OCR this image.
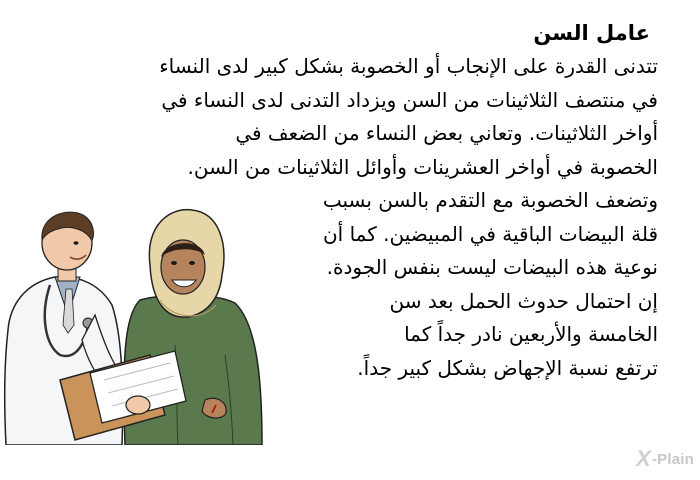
عامل السن
تتدنى القدرة على الإنجاب أو الخصوبة بشكل كبير لدى النساء
في منتصف الثلاثينات من السن ويزداد التدنى لدى النساء في
أواخر الثلاثينات. وتعاني بعض النساء من الضعف في
الخصوبة في أواخر العشرينات وأوائل الثلاثينات من السن.
وتضعف الخصوبة مع التقدم بالسن بسبب
قلة البيضات الباقية في المبيضين. كما أن
نوعية هذه البيضات ليست بنفس الجودة.
إن احتمال حدوث الحمل بعد سن
الخامسة والأربعين نادر جداً كما
ترتفع نسبة الإجهاض بشكل كبير جداً.
X -Plain
